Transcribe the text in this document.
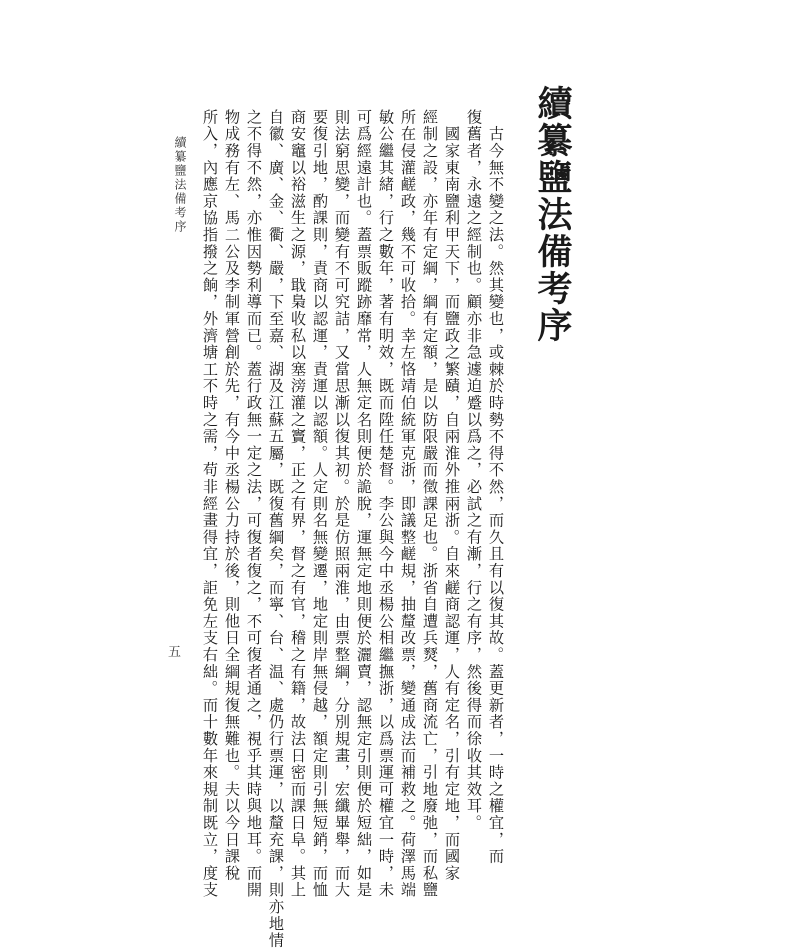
續纂鹽法備考序
　古今無不變之法。然其變也，或棘於時勢不得不然，而久且有以復其故。蓋更新者，一時之權宜，而
復舊者，永遠之經制也。顧亦非急遽迫蹙以爲之，必試之有漸，行之有序，然後得而徐收其效耳。
　國家東南鹽利甲天下，而鹽政之繁賾，自兩淮外推兩浙。自來鹺商認運，人有定名，引有定地，而國家
經制之設，亦年有定綱，綱有定額，是以防限嚴而徵課足也。浙省自遭兵燹，舊商流亡，引地廢弛，而私鹽
所在侵灌鹺政，幾不可收拾。幸左恪靖伯統軍克浙，即議整鹺規，抽釐改票，變通成法而補救之。荷澤馬端
敏公繼其緒，行之數年，著有明效，既而陞任楚督。李公與今中丞楊公相繼撫浙，以爲票運可權宜一時，未
可爲經遠計也。蓋票販蹤跡靡常，人無定名則便於詭脫，運無定地則便於灑賣，認無定引則便於短絀，如是
則法窮思變，而變有不可究詰，又當思漸以復其初。於是仿照兩淮，由票整綱，分別規畫，宏纖畢舉，而大
要復引地，酌課則，責商以認運，責運以認額。人定則名無變遷，地定則岸無侵越，額定則引無短銷，而恤
商安竈以裕滋生之源，戢梟收私以塞滂灌之竇，正之有界，督之有官，稽之有籍，故法日密而課日阜。其上
自徽、廣、金、衢、嚴，下至嘉、湖及江蘇五屬，既復舊綱矣，而寧、台、温、處仍行票運，以釐充課，則亦地情
之不得不然，亦惟因勢利導而已。蓋行政無一定之法，可復者復之，不可復者通之，視乎其時與地耳。而開
物成務有左、馬二公及李制軍營創於先，有今中丞楊公力持於後，則他日全綱規復無難也。夫以今日課稅
所入，內應京協指撥之餉，外濟塘工不時之需，苟非經畫得宜，詎免左支右絀。而十數年來規制既立，度支
續纂鹽法備考序
五
